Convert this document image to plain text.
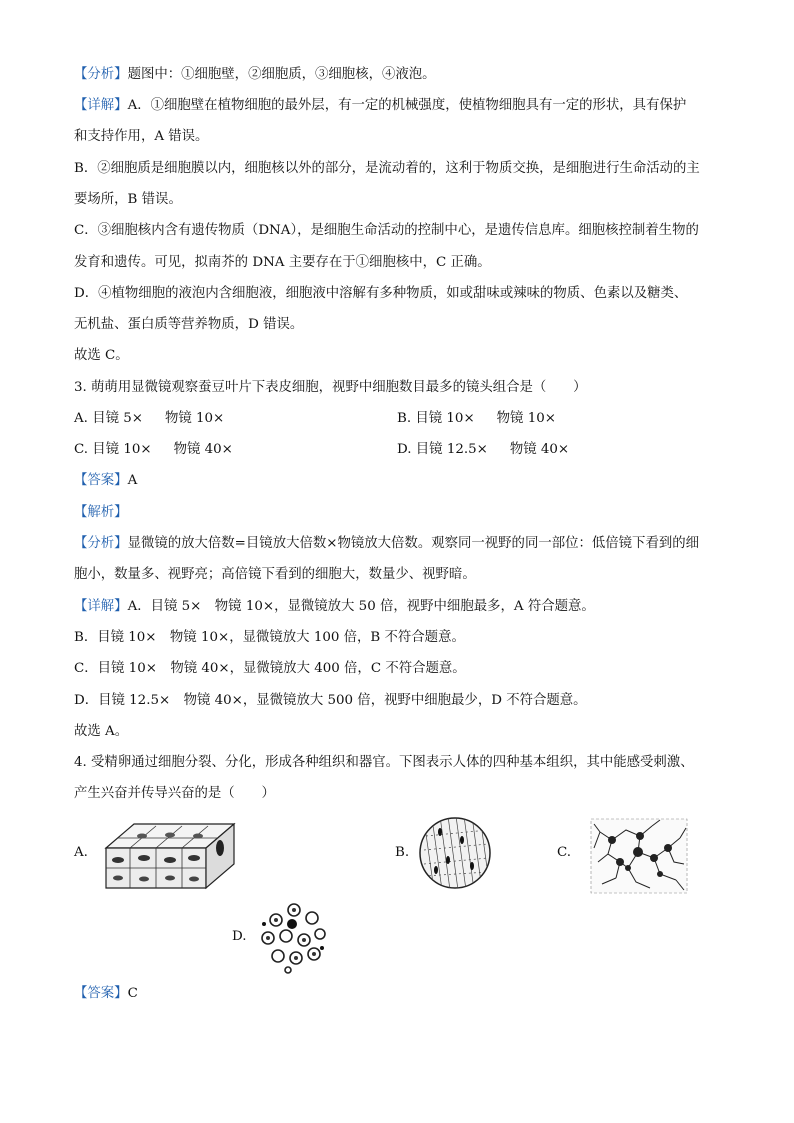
【分析】题图中：①细胞壁，②细胞质，③细胞核，④液泡。
【详解】A．①细胞壁在植物细胞的最外层，有一定的机械强度，使植物细胞具有一定的形状，具有保护
和支持作用，A 错误。
B．②细胞质是细胞膜以内，细胞核以外的部分，是流动着的，这利于物质交换，是细胞进行生命活动的主
要场所，B 错误。
C．③细胞核内含有遗传物质（DNA），是细胞生命活动的控制中心，是遗传信息库。细胞核控制着生物的
发育和遗传。可见，拟南芥的 DNA 主要存在于①细胞核中，C 正确。
D．④植物细胞的液泡内含细胞液，细胞液中溶解有多种物质，如或甜味或辣味的物质、色素以及糖类、
无机盐、蛋白质等营养物质，D 错误。
故选 C。
3. 萌萌用显微镜观察蚕豆叶片下表皮细胞，视野中细胞数目最多的镜头组合是（　　）
A. 目镜 5× 物镜 10×	B. 目镜 10× 物镜 10×
C. 目镜 10× 物镜 40×	D. 目镜 12.5× 物镜 40×
【答案】A
【解析】
【分析】显微镜的放大倍数=目镜放大倍数×物镜放大倍数。观察同一视野的同一部位：低倍镜下看到的细
胞小，数量多、视野亮；高倍镜下看到的细胞大，数量少、视野暗。
【详解】A．目镜 5×　物镜 10×，显微镜放大 50 倍，视野中细胞最多，A 符合题意。
B．目镜 10×　物镜 10×，显微镜放大 100 倍，B 不符合题意。
C．目镜 10×　物镜 40×，显微镜放大 400 倍，C 不符合题意。
D．目镜 12.5×　物镜 40×，显微镜放大 500 倍，视野中细胞最少，D 不符合题意。
故选 A。
4. 受精卵通过细胞分裂、分化，形成各种组织和器官。下图表示人体的四种基本组织，其中能感受刺激、
产生兴奋并传导兴奋的是（　　）
A.	B.	C.
D.
【答案】C
